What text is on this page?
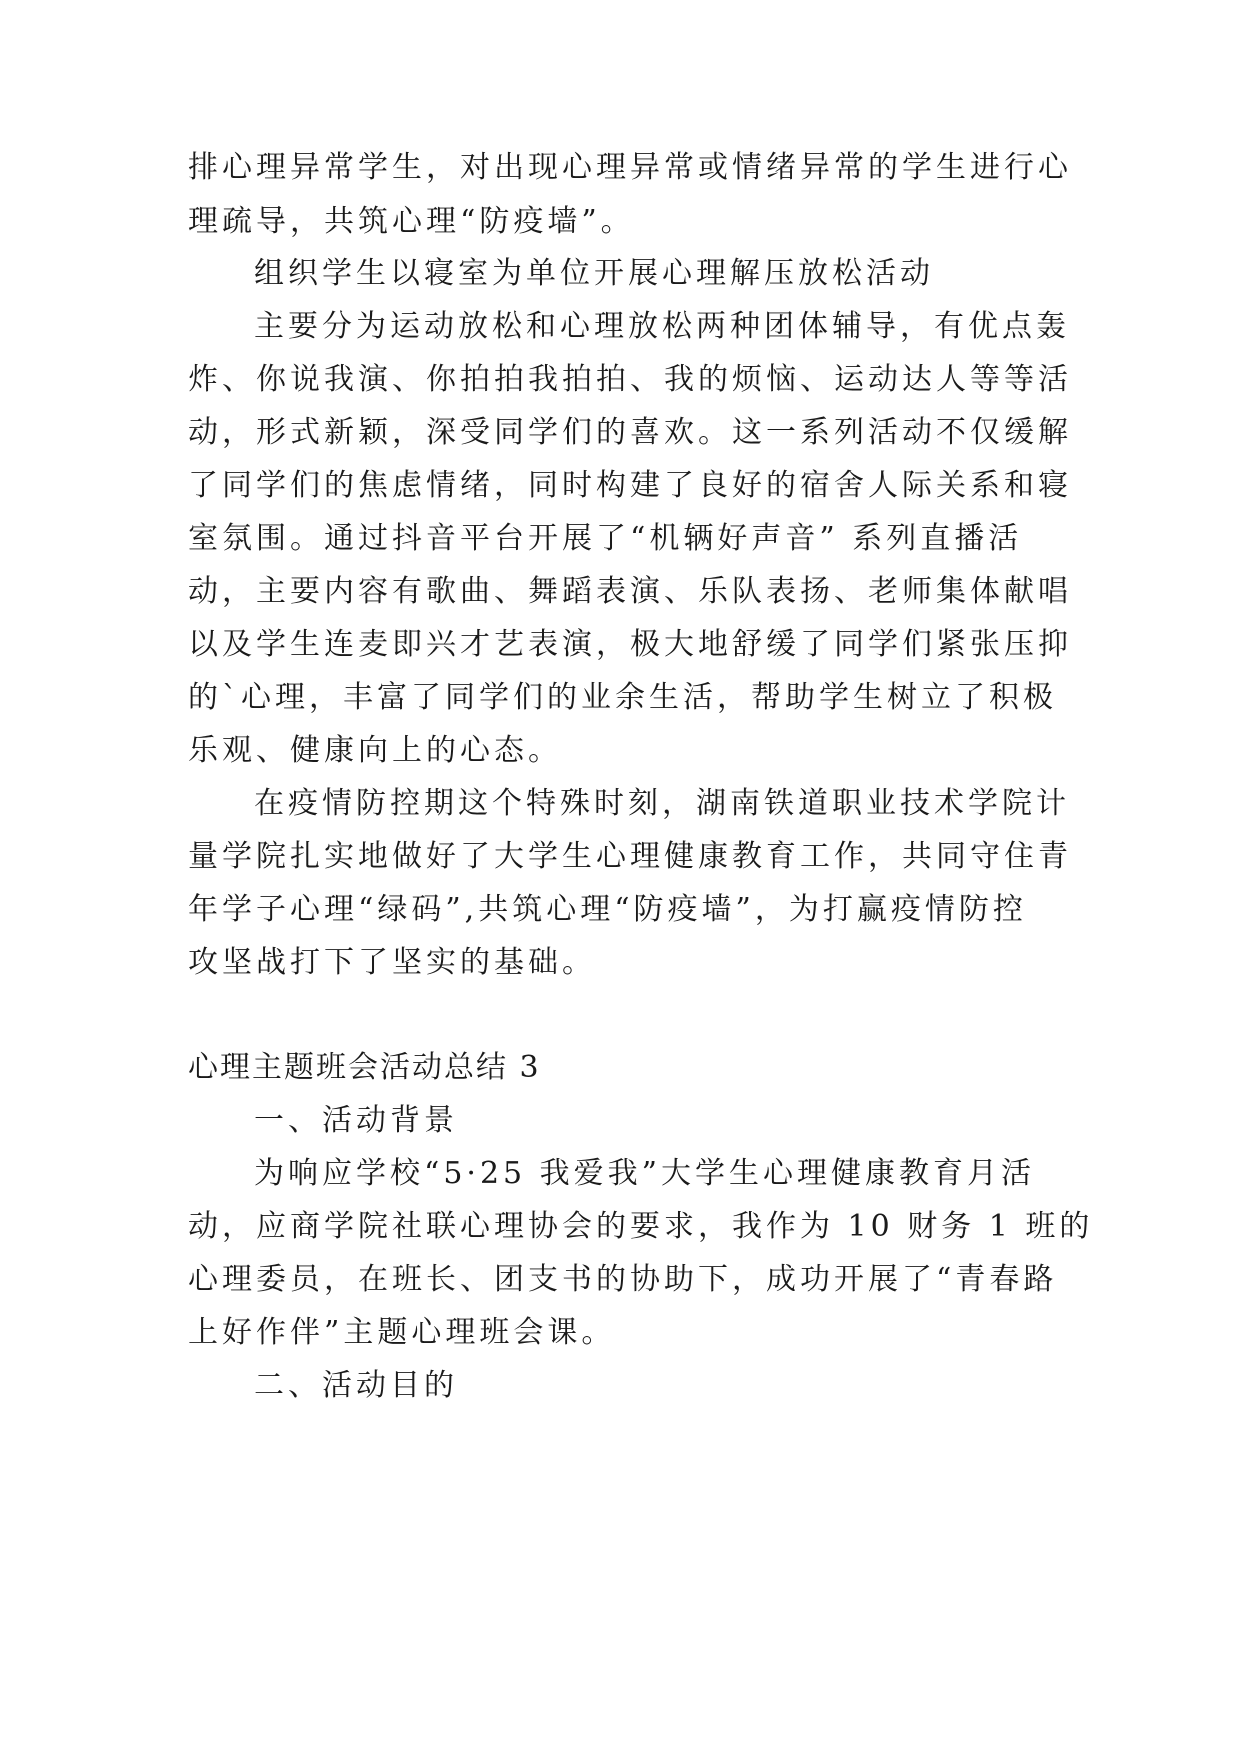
排心理异常学生，对出现心理异常或情绪异常的学生进行心
理疏导，共筑心理“防疫墙”。
组织学生以寝室为单位开展心理解压放松活动
主要分为运动放松和心理放松两种团体辅导，有优点轰
炸、你说我演、你拍拍我拍拍、我的烦恼、运动达人等等活
动，形式新颖，深受同学们的喜欢。这一系列活动不仅缓解
了同学们的焦虑情绪，同时构建了良好的宿舍人际关系和寝
室氛围。通过抖音平台开展了“机辆好声音” 系列直播活
动，主要内容有歌曲、舞蹈表演、乐队表扬、老师集体献唱
以及学生连麦即兴才艺表演，极大地舒缓了同学们紧张压抑
的`心理，丰富了同学们的业余生活，帮助学生树立了积极
乐观、健康向上的心态。
在疫情防控期这个特殊时刻，湖南铁道职业技术学院计
量学院扎实地做好了大学生心理健康教育工作，共同守住青
年学子心理“绿码”,共筑心理“防疫墙”，为打赢疫情防控
攻坚战打下了坚实的基础。
心理主题班会活动总结 3
一、活动背景
为响应学校“5·25 我爱我”大学生心理健康教育月活
动，应商学院社联心理协会的要求，我作为 10 财务 1 班的
心理委员，在班长、团支书的协助下，成功开展了“青春路
上好作伴”主题心理班会课。
二、活动目的
